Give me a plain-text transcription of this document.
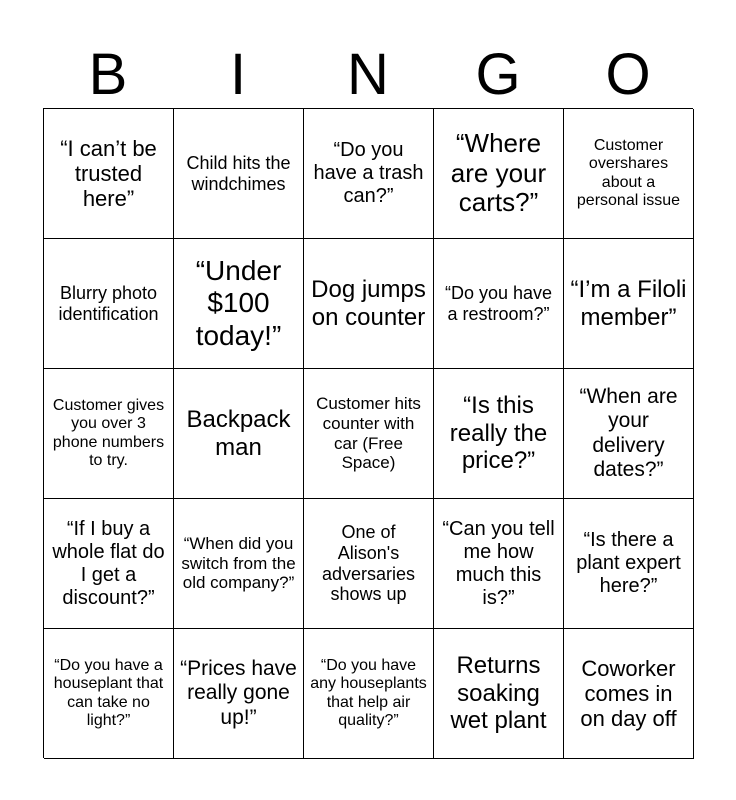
B	I	N	G	O
“I can’t be trusted here”
Child hits the windchimes
“Do you have a trash can?”
“Where are your carts?”
Customer overshares about a personal issue
Blurry photo identification
“Under $100 today!”
Dog jumps on counter
“Do you have a restroom?”
“I’m a Filoli member”
Customer gives you over 3 phone numbers to try.
Backpack man
Customer hits counter with car (Free Space)
“Is this really the price?”
“When are your delivery dates?”
“If I buy a whole flat do I get a discount?”
“When did you switch from the old company?”
One of Alison's adversaries shows up
“Can you tell me how much this is?”
“Is there a plant expert here?”
“Do you have a houseplant that can take no light?”
“Prices have really gone up!”
“Do you have any houseplants that help air quality?”
Returns soaking wet plant
Coworker comes in on day off
